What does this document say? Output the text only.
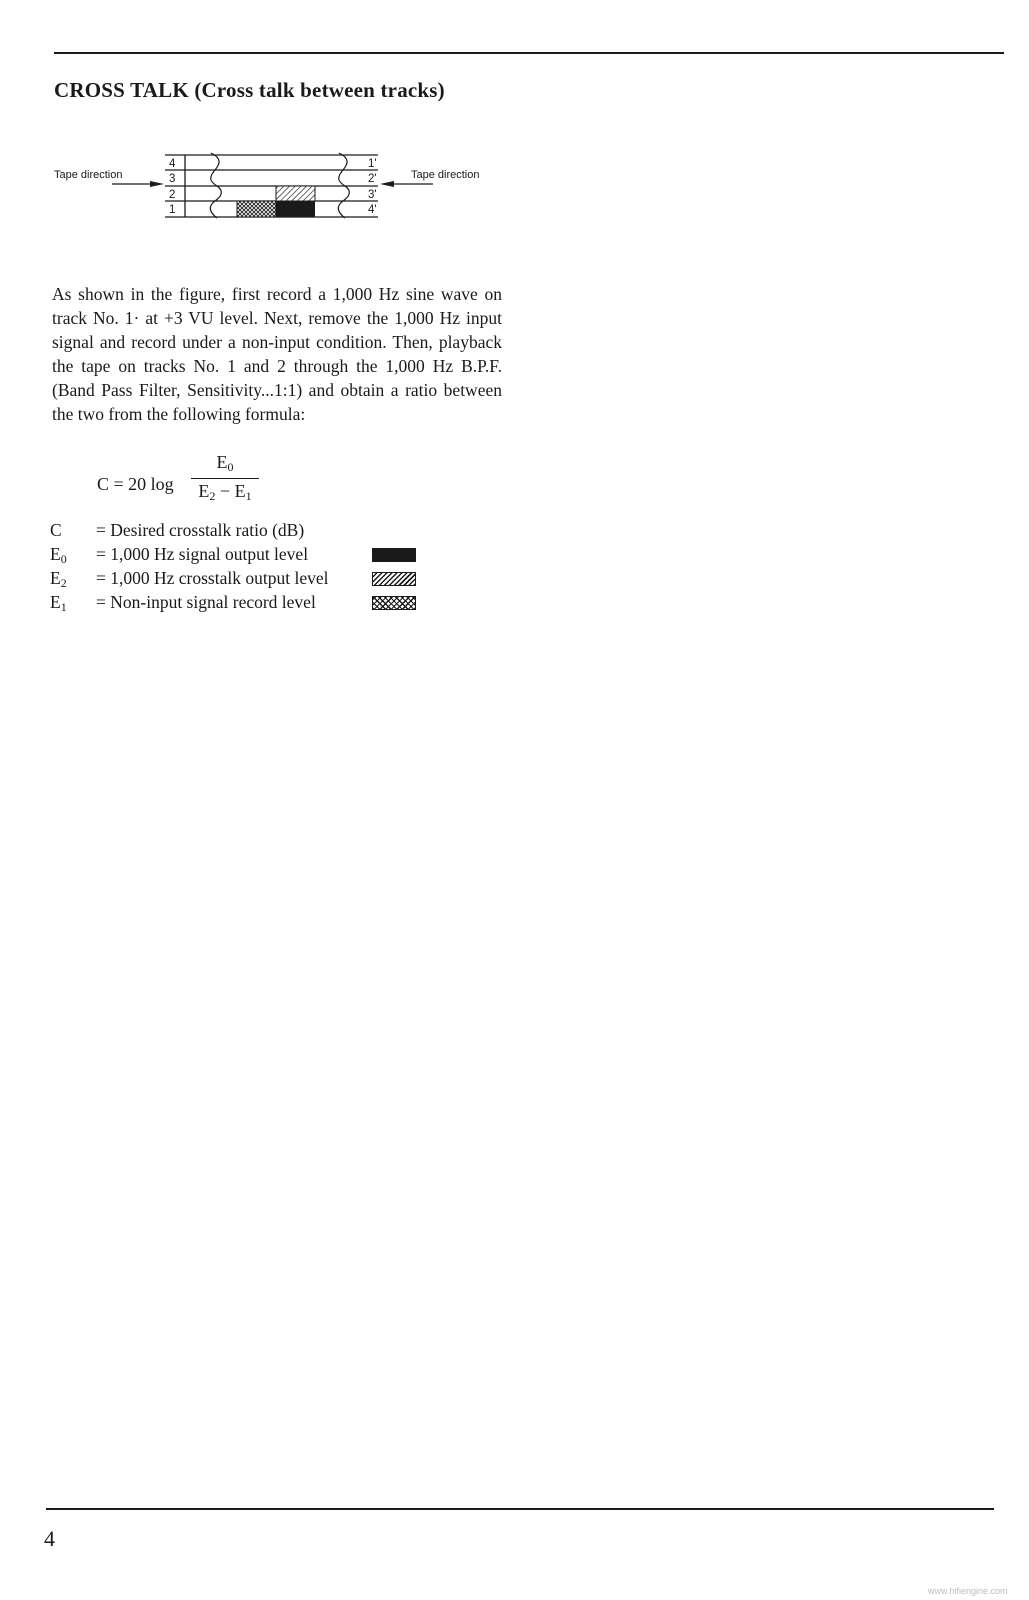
CROSS TALK (Cross talk between tracks)
4
3
2
1
1'
2'
3'
4'
Tape direction	Tape direction

As shown in the figure, first record a 1,000 Hz sine wave on track No. 1· at +3 VU level. Next, remove the 1,000 Hz input signal and record under a non-input condition. Then, playback the tape on tracks No. 1 and 2 through the 1,000 Hz B.P.F. (Band Pass Filter, Sensitivity...1:1) and obtain a ratio between the two from the following formula:

C = 20 log
$E_0$
$E_2 - E_1$
C = Desired crosstalk ratio (dB)
$E_0 = 1,000$ Hz signal output level
$E_2 = 1,000$ Hz crosstalk output level
$E_1$ = Non-input signal record level
4
www.hifiengine.com
